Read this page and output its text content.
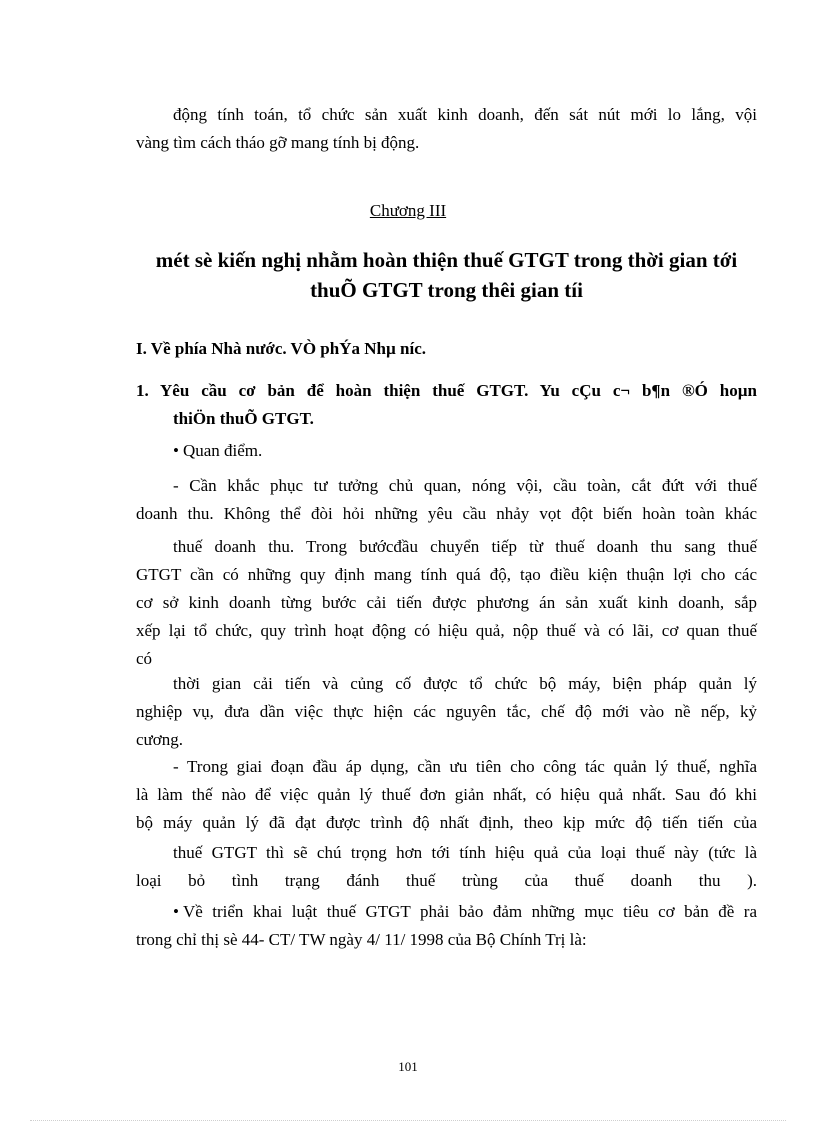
động tính toán, tổ chức sản xuất kinh doanh, đến sát nút mới lo lắng, vội
vàng tìm cách tháo gỡ mang tính bị động.
Chương III
mét sè kiến nghị nhằm hoàn thiện thuế GTGT trong thời gian tới
thuÕ GTGT trong thêi gian tíi
I. Về phía Nhà nước. VÒ phÝa Nhµ níc.
1. Yêu cầu cơ bản để hoàn thiện thuế GTGT. Yu cÇu c¬ b¶n ®Ó hoµn
thiÖn thuÕ GTGT.
• Quan điểm.
- Cần khắc phục tư tưởng chủ quan, nóng vội, cầu toàn, cắt đứt với thuế
doanh thu. Không thể đòi hỏi những yêu cầu nhảy vọt đột biến hoàn toàn khác
thuế doanh thu. Trong bướcđầu chuyển tiếp từ thuế doanh thu sang thuế
GTGT cần có những quy định mang tính quá độ, tạo điều kiện thuận lợi cho các
cơ sở kinh doanh từng bước cải tiến được phương án sản xuất kinh doanh, sắp
xếp lại tổ chức, quy trình hoạt động có hiệu quả, nộp thuế và có lãi, cơ quan thuế
có
thời gian cải tiến và củng cố được tổ chức bộ máy, biện pháp quản lý
nghiệp vụ, đưa dần việc thực hiện các nguyên tắc, chế độ mới vào nề nếp, kỷ
cương.
- Trong giai đoạn đầu áp dụng, cần ưu tiên cho công tác quản lý thuế, nghĩa
là làm thế nào để việc quản lý thuế đơn giản nhất, có hiệu quả nhất. Sau đó khi
bộ máy quản lý đã đạt được trình độ nhất định, theo kịp mức độ tiến tiến của
thuế GTGT thì sẽ chú trọng hơn tới tính hiệu quả của loại thuế này (tức là
loại bỏ tình trạng đánh thuế trùng của thuế doanh thu ).
• Về triển khai luật thuế GTGT phải bảo đảm những mục tiêu cơ bản đề ra
trong chỉ thị sè 44- CT/ TW ngày 4/ 11/ 1998 của Bộ Chính Trị là:
101
